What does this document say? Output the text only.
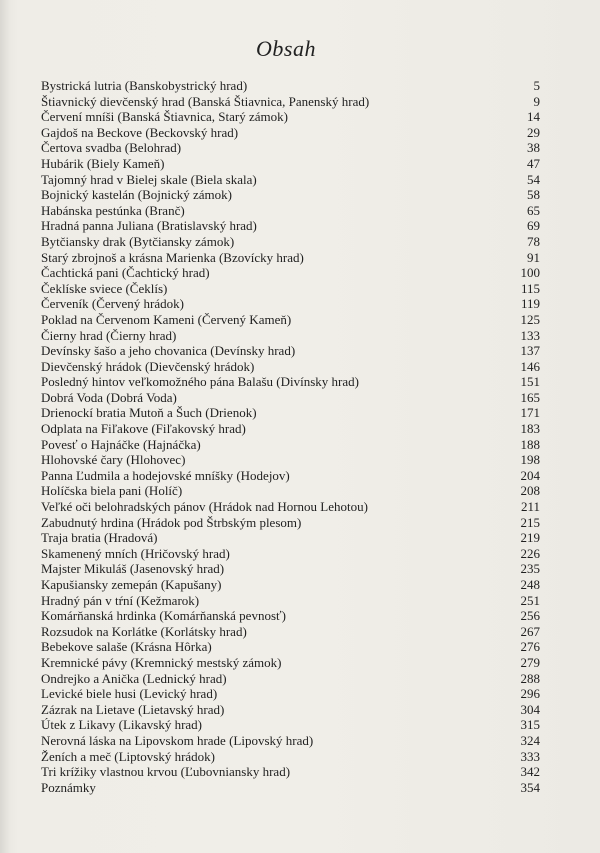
Obsah
Bystrická lutria (Banskobystrický hrad)	5
Štiavnický dievčenský hrad (Banská Štiavnica, Panenský hrad)	9
Červení mníši (Banská Štiavnica, Starý zámok)	14
Gajdoš na Beckove (Beckovský hrad)	29
Čertova svadba (Belohrad)	38
Hubárik (Biely Kameň)	47
Tajomný hrad v Bielej skale (Biela skala)	54
Bojnický kastelán (Bojnický zámok)	58
Habánska pestúnka (Branč)	65
Hradná panna Juliana (Bratislavský hrad)	69
Bytčiansky drak (Bytčiansky zámok)	78
Starý zbrojnoš a krásna Marienka (Bzovícky hrad)	91
Čachtická pani (Čachtický hrad)	100
Čeklíske sviece (Čeklís)	115
Červeník (Červený hrádok)	119
Poklad na Červenom Kameni (Červený Kameň)	125
Čierny hrad (Čierny hrad)	133
Devínsky šašo a jeho chovanica (Devínsky hrad)	137
Dievčenský hrádok (Dievčenský hrádok)	146
Posledný hintov veľkomožného pána Balašu (Divínsky hrad)	151
Dobrá Voda (Dobrá Voda)	165
Drienockí bratia Mutoň a Šuch (Drienok)	171
Odplata na Fiľakove (Fiľakovský hrad)	183
Povesť o Hajnáčke (Hajnáčka)	188
Hlohovské čary (Hlohovec)	198
Panna Ľudmila a hodejovské mníšky (Hodejov)	204
Holíčska biela pani (Holíč)	208
Veľké oči belohradských pánov (Hrádok nad Hornou Lehotou)	211
Zabudnutý hrdina (Hrádok pod Štrbským plesom)	215
Traja bratia (Hradová)	219
Skamenený mních (Hričovský hrad)	226
Majster Mikuláš (Jasenovský hrad)	235
Kapušiansky zemepán (Kapušany)	248
Hradný pán v tŕní (Kežmarok)	251
Komárňanská hrdinka (Komárňanská pevnosť)	256
Rozsudok na Korlátke (Korlátsky hrad)	267
Bebekove salaše (Krásna Hôrka)	276
Kremnické pávy (Kremnický mestský zámok)	279
Ondrejko a Anička (Lednický hrad)	288
Levické biele husi (Levický hrad)	296
Zázrak na Lietave (Lietavský hrad)	304
Útek z Likavy (Likavský hrad)	315
Nerovná láska na Lipovskom hrade (Lipovský hrad)	324
Ženích a meč (Liptovský hrádok)	333
Tri krížiky vlastnou krvou (Ľubovniansky hrad)	342
Poznámky	354
